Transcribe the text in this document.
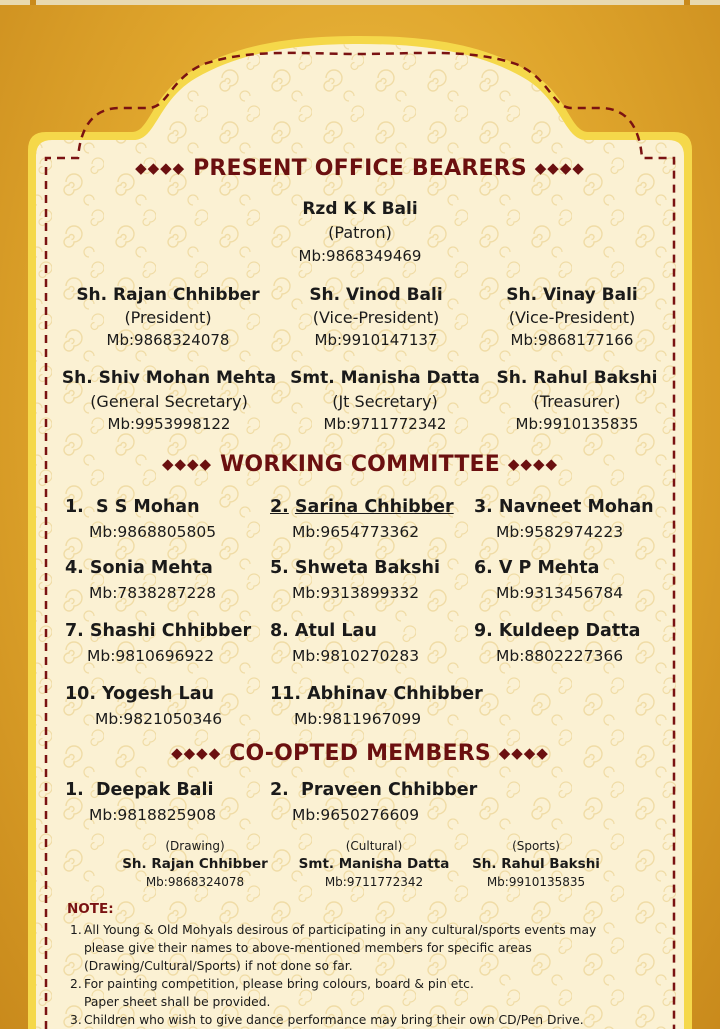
◆◆◆◆ PRESENT OFFICE BEARERS ◆◆◆◆
Rzd K K Bali
(Patron)
Mb:9868349469
Sh. Rajan Chhibber
(President)
Mb:9868324078
Sh. Vinod Bali
(Vice-President)
Mb:9910147137
Sh. Vinay Bali
(Vice-President)
Mb:9868177166
Sh. Shiv Mohan Mehta
(General Secretary)
Mb:9953998122
Smt. Manisha Datta
(Jt Secretary)
Mb:9711772342
Sh. Rahul Bakshi
(Treasurer)
Mb:9910135835
◆◆◆◆ WORKING COMMITTEE ◆◆◆◆
1. S S Mohan
Mb:9868805805
2. Sarina Chhibber
Mb:9654773362
3. Navneet Mohan
Mb:9582974223
4. Sonia Mehta
Mb:7838287228
5. Shweta Bakshi
Mb:9313899332
6. V P Mehta
Mb:9313456784
7. Shashi Chhibber
Mb:9810696922
8. Atul Lau
Mb:9810270283
9. Kuldeep Datta
Mb:8802227366
10. Yogesh Lau
Mb:9821050346
11. Abhinav Chhibber
Mb:9811967099
◆◆◆◆ CO-OPTED MEMBERS ◆◆◆◆
1. Deepak Bali
Mb:9818825908
2. Praveen Chhibber
Mb:9650276609
(Drawing)
Sh. Rajan Chhibber
Mb:9868324078
(Cultural)
Smt. Manisha Datta
Mb:9711772342
(Sports)
Sh. Rahul Bakshi
Mb:9910135835
NOTE:
1. All Young & Old Mohyals desirous of participating in any cultural/sports events may
please give their names to above-mentioned members for specific areas
(Drawing/Cultural/Sports) if not done so far.
2. For painting competition, please bring colours, board & pin etc.
Paper sheet shall be provided.
3. Children who wish to give dance performance may bring their own CD/Pen Drive.
